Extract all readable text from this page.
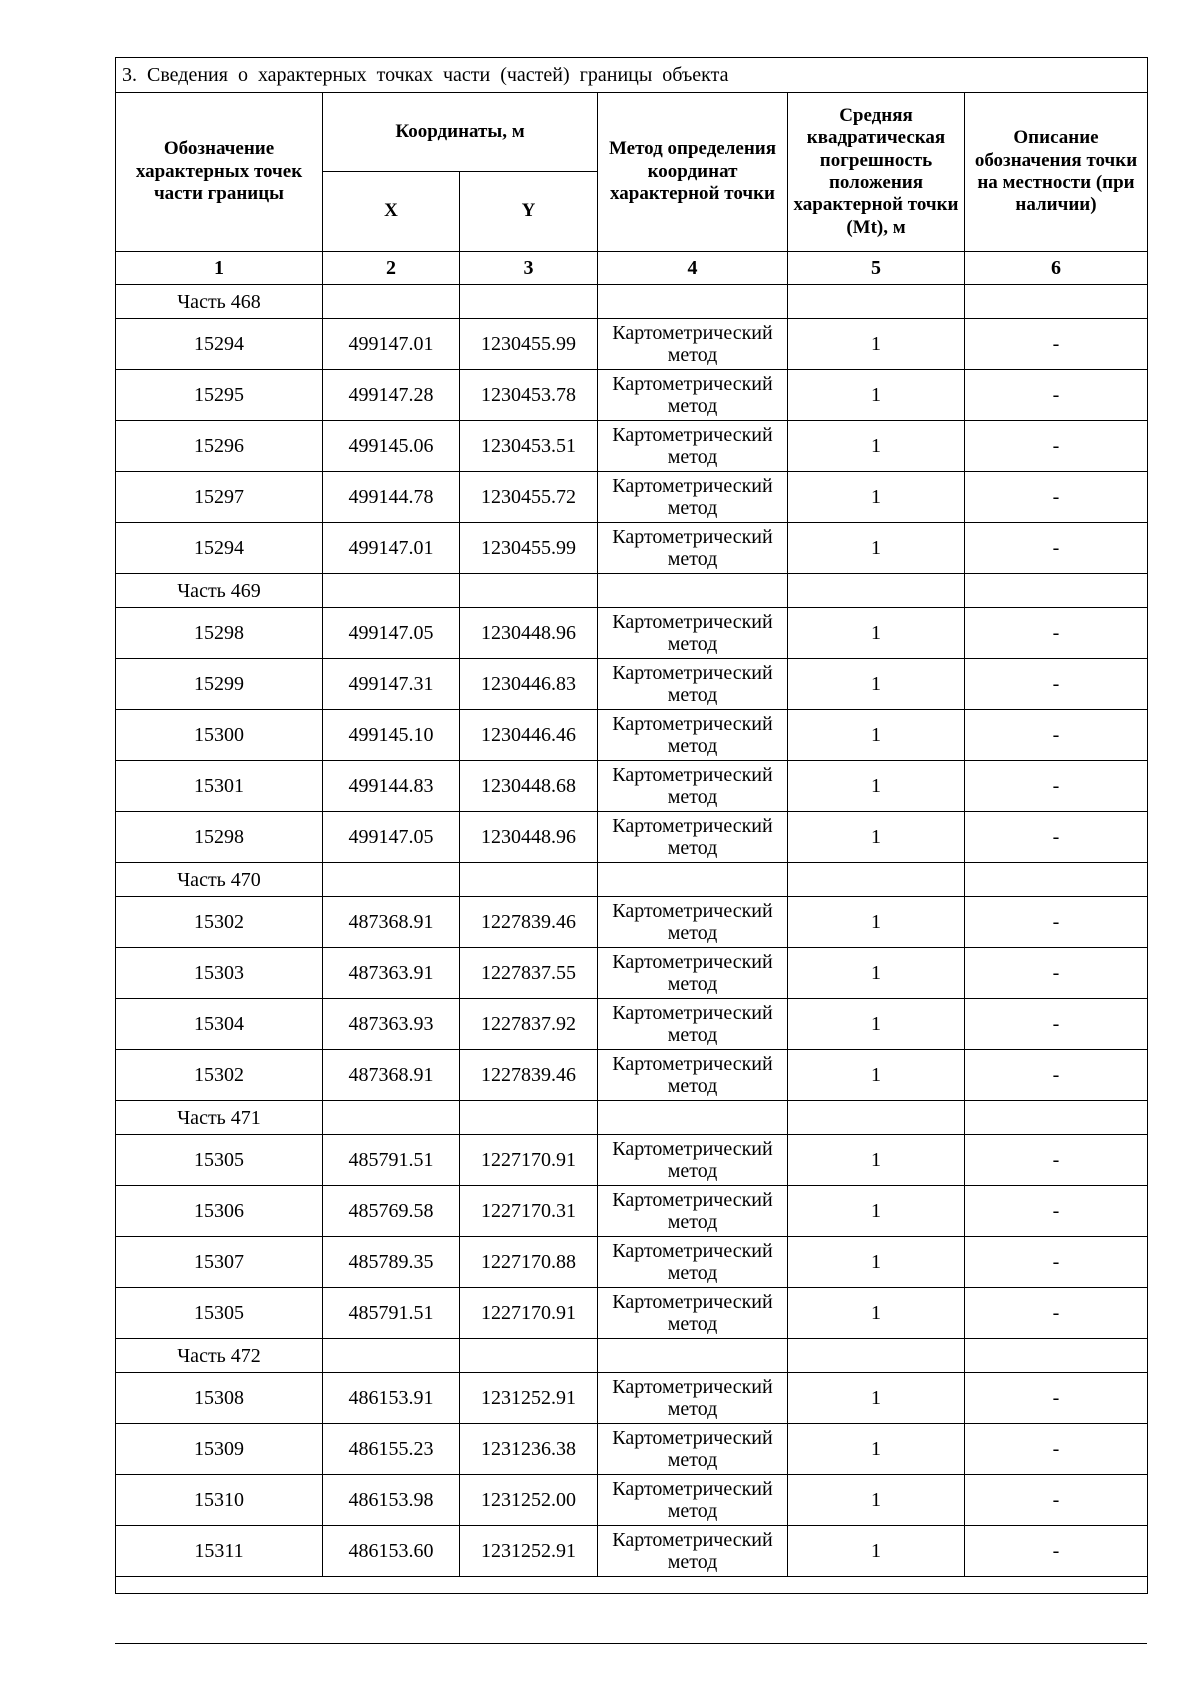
3. Сведения о характерных точках части (частей) границы объекта					
Обозначение характерных точек части границы	Координаты, м		Метод определения координат характерной точки	Средняя квадратическая погрешность положения характерной точки (Mt), м	Описание обозначения точки на местности (при наличии)
	X	Y			
1	2	3	4	5	6
Часть 468					
15294	499147.01	1230455.99	Картометрический метод	1	-
15295	499147.28	1230453.78	Картометрический метод	1	-
15296	499145.06	1230453.51	Картометрический метод	1	-
15297	499144.78	1230455.72	Картометрический метод	1	-
15294	499147.01	1230455.99	Картометрический метод	1	-
Часть 469					
15298	499147.05	1230448.96	Картометрический метод	1	-
15299	499147.31	1230446.83	Картометрический метод	1	-
15300	499145.10	1230446.46	Картометрический метод	1	-
15301	499144.83	1230448.68	Картометрический метод	1	-
15298	499147.05	1230448.96	Картометрический метод	1	-
Часть 470					
15302	487368.91	1227839.46	Картометрический метод	1	-
15303	487363.91	1227837.55	Картометрический метод	1	-
15304	487363.93	1227837.92	Картометрический метод	1	-
15302	487368.91	1227839.46	Картометрический метод	1	-
Часть 471					
15305	485791.51	1227170.91	Картометрический метод	1	-
15306	485769.58	1227170.31	Картометрический метод	1	-
15307	485789.35	1227170.88	Картометрический метод	1	-
15305	485791.51	1227170.91	Картометрический метод	1	-
Часть 472					
15308	486153.91	1231252.91	Картометрический метод	1	-
15309	486155.23	1231236.38	Картометрический метод	1	-
15310	486153.98	1231252.00	Картометрический метод	1	-
15311	486153.60	1231252.91	Картометрический метод	1	-
